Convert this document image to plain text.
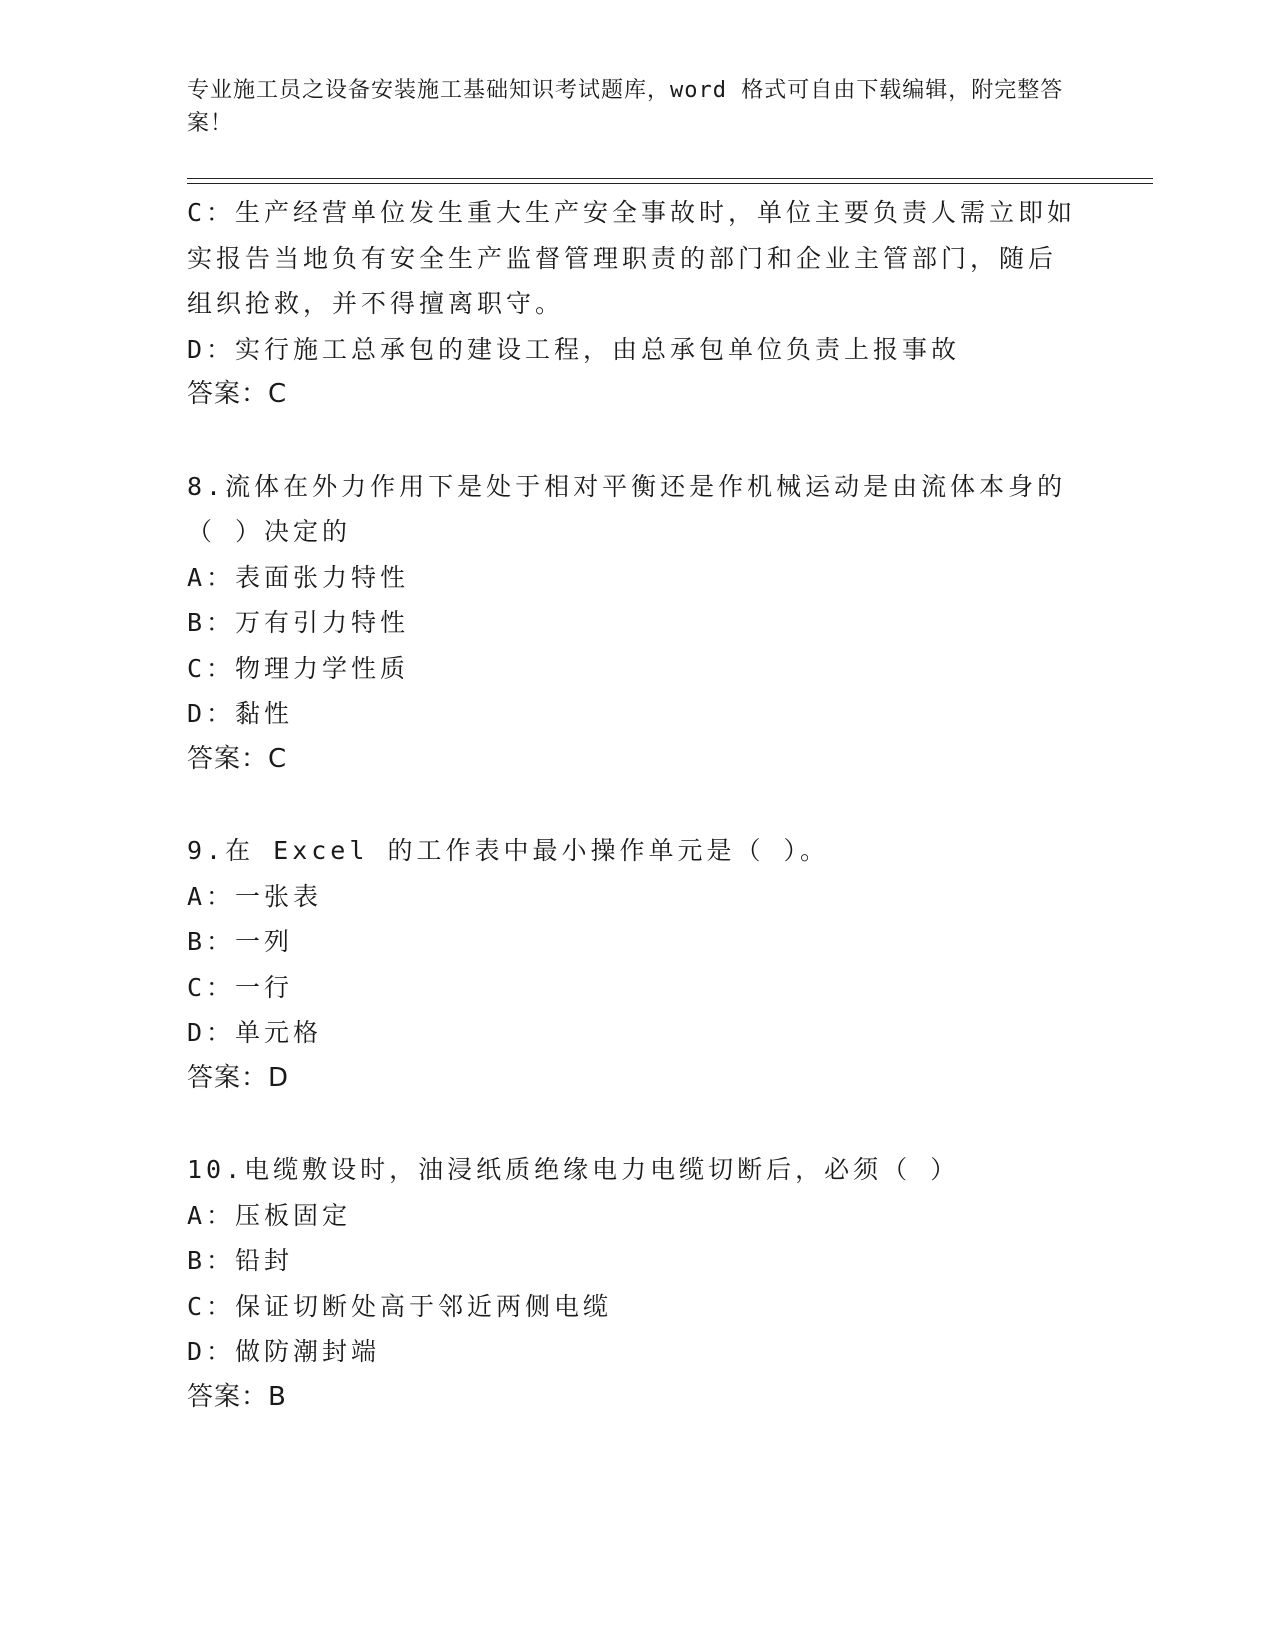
专业施工员之设备安装施工基础知识考试题库，word 格式可自由下载编辑，附完整答案！
C：生产经营单位发生重大生产安全事故时，单位主要负责人需立即如
实报告当地负有安全生产监督管理职责的部门和企业主管部门，随后
组织抢救，并不得擅离职守。
D：实行施工总承包的建设工程，由总承包单位负责上报事故
答案：C
8.流体在外力作用下是处于相对平衡还是作机械运动是由流体本身的
（ ）决定的
A：表面张力特性
B：万有引力特性
C：物理力学性质
D：黏性
答案：C
9.在 Excel 的工作表中最小操作单元是（ ）。
A：一张表
B：一列
C：一行
D：单元格
答案：D
10.电缆敷设时，油浸纸质绝缘电力电缆切断后，必须（ ）
A：压板固定
B：铅封
C：保证切断处高于邻近两侧电缆
D：做防潮封端
答案：B
